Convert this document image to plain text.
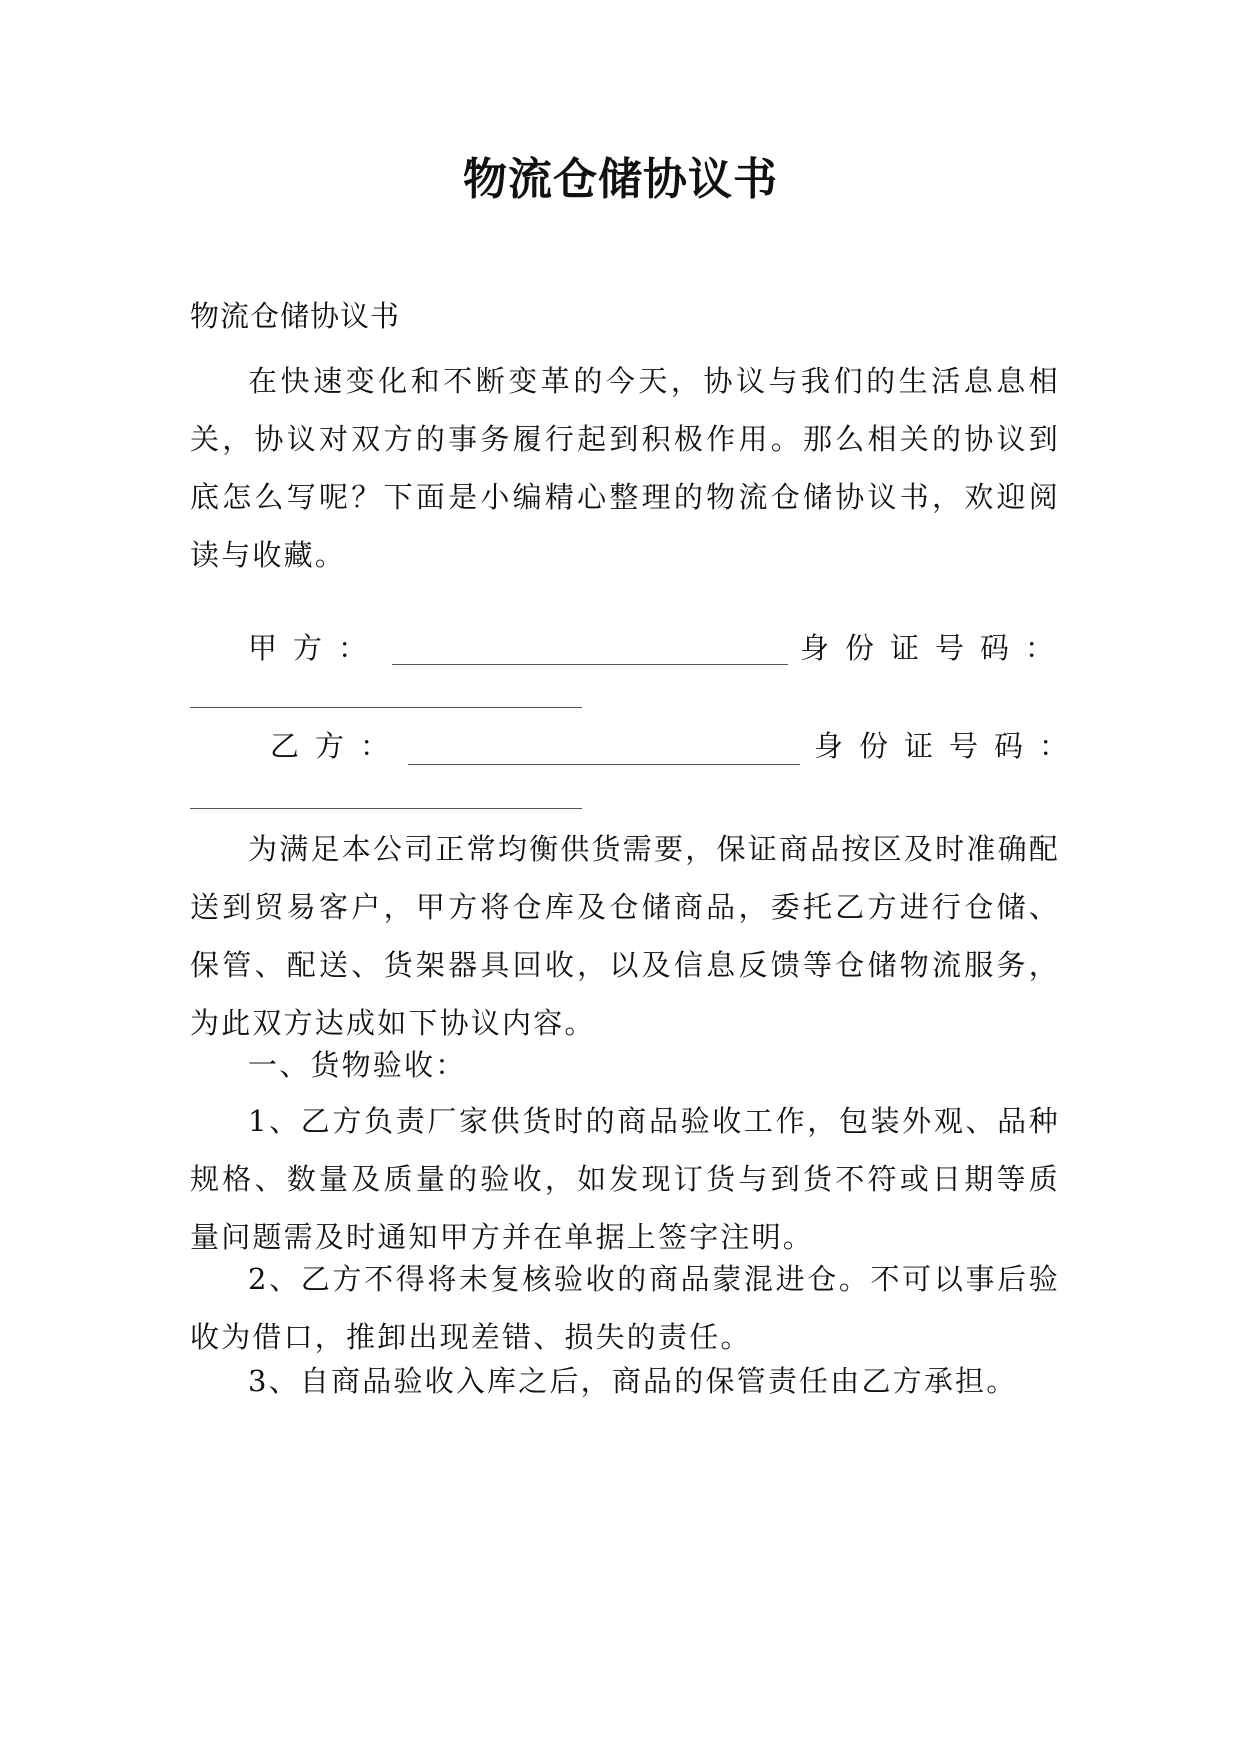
物流仓储协议书
物流仓储协议书

在快速变化和不断变革的今天，协议与我们的生活息息相关，协议对双方的事务履行起到积极作用。那么相关的协议到底怎么写呢？下面是小编精心整理的物流仓储协议书，欢迎阅读与收藏。

甲方：	身份证号码：
乙方：	身份证号码：

为满足本公司正常均衡供货需要，保证商品按区及时准确配送到贸易客户，甲方将仓库及仓储商品，委托乙方进行仓储、保管、配送、货架器具回收，以及信息反馈等仓储物流服务，为此双方达成如下协议内容。

一、货物验收：

1、乙方负责厂家供货时的商品验收工作，包装外观、品种规格、数量及质量的验收，如发现订货与到货不符或日期等质量问题需及时通知甲方并在单据上签字注明。

2、乙方不得将未复核验收的商品蒙混进仓。不可以事后验收为借口，推卸出现差错、损失的责任。

3、自商品验收入库之后，商品的保管责任由乙方承担。
